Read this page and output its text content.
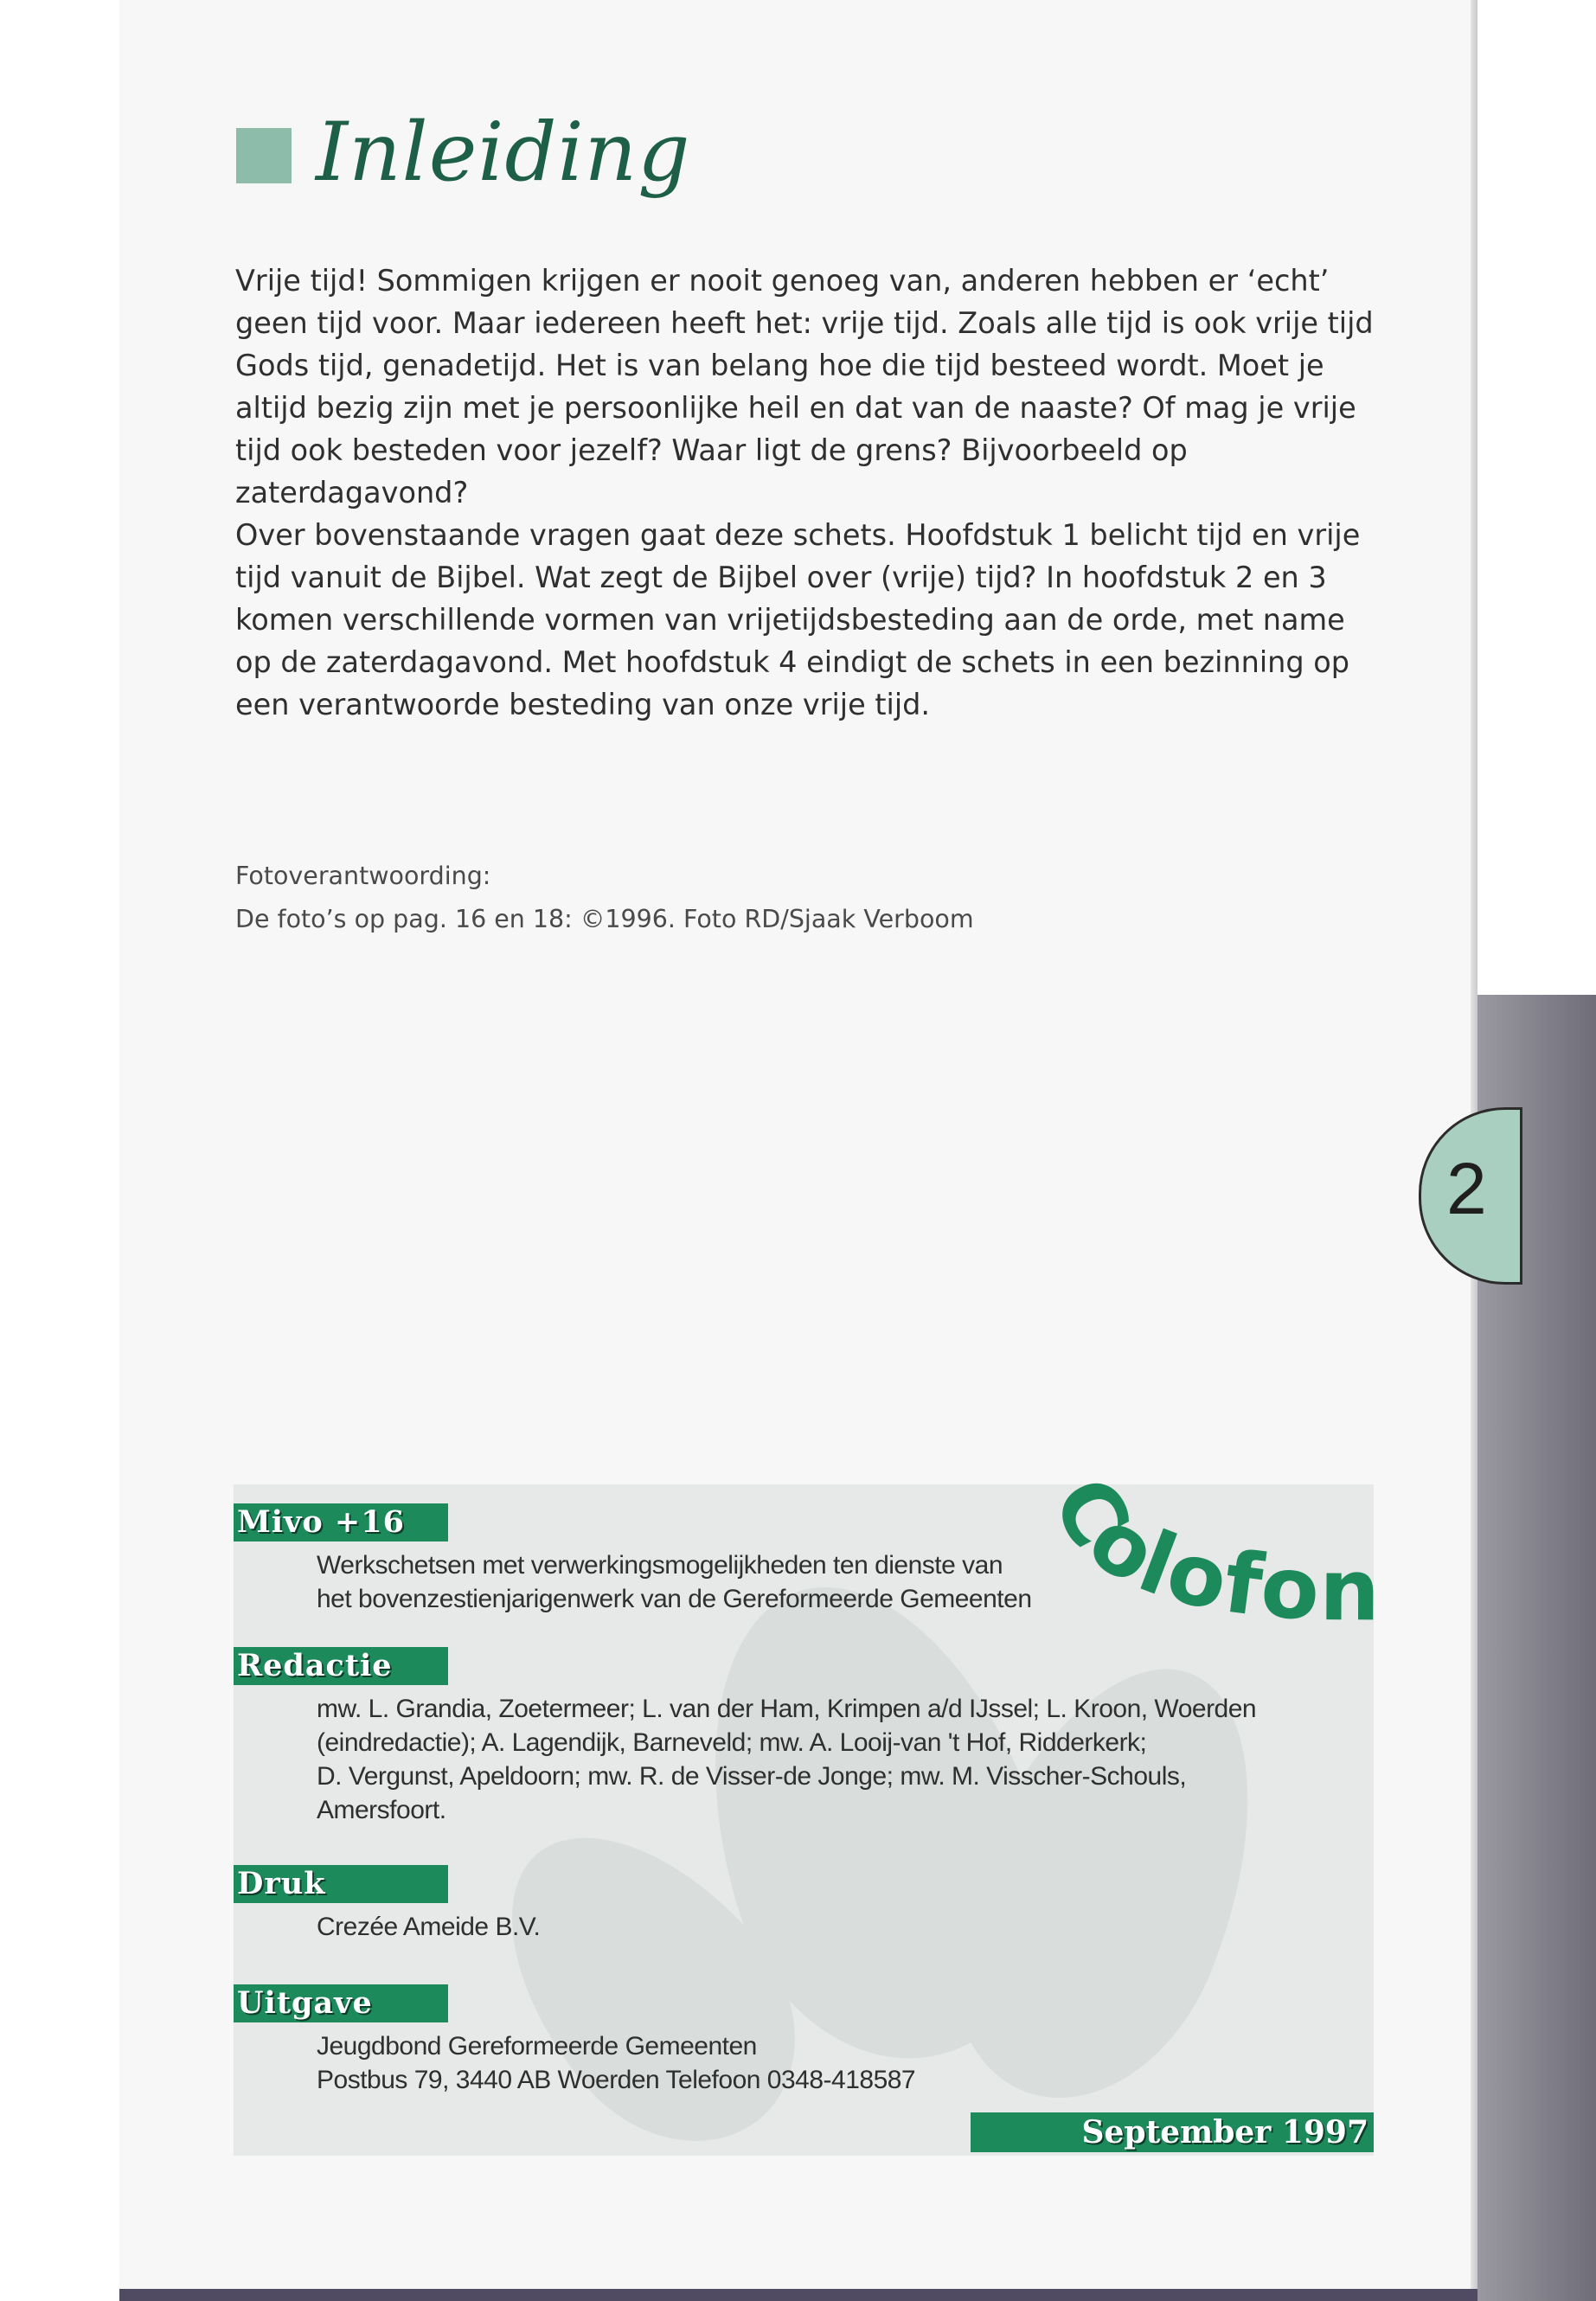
2
Inleiding

Vrije tijd! Sommigen krijgen er nooit genoeg van, anderen hebben er ‘echt’ geen tijd voor. Maar iedereen heeft het: vrije tijd. Zoals alle tijd is ook vrije tijd Gods tijd, genadetijd. Het is van belang hoe die tijd besteed wordt. Moet je altijd bezig zijn met je persoonlijke heil en dat van de naaste? Of mag je vrije tijd ook besteden voor jezelf? Waar ligt de grens? Bijvoorbeeld op zaterdagavond?

Over bovenstaande vragen gaat deze schets. Hoofdstuk 1 belicht tijd en vrije tijd vanuit de Bijbel. Wat zegt de Bijbel over (vrije) tijd? In hoofdstuk 2 en 3 komen verschillende vormen van vrijetijdsbesteding aan de orde, met name op de zaterdagavond. Met hoofdstuk 4 eindigt de schets in een bezinning op een verantwoorde besteding van onze vrije tijd.

Fotoverantwoording:
De foto’s op pag. 16 en 18: ©1996. Foto RD/Sjaak Verboom
Colofon
Mivo +16
Werkschetsen met verwerkingsmogelijkheden ten dienste van
het bovenzestienjarigenwerk van de Gereformeerde Gemeenten
Redactie
mw. L. Grandia, Zoetermeer; L. van der Ham, Krimpen a/d IJssel; L. Kroon, Woerden
(eindredactie); A. Lagendijk, Barneveld; mw. A. Looij-van 't Hof, Ridderkerk;
D. Vergunst, Apeldoorn; mw. R. de Visser-de Jonge; mw. M. Visscher-Schouls,
Amersfoort.
Druk
Crezée Ameide B.V.
Uitgave
Jeugdbond Gereformeerde Gemeenten
Postbus 79, 3440 AB Woerden Telefoon 0348-418587
September 1997
